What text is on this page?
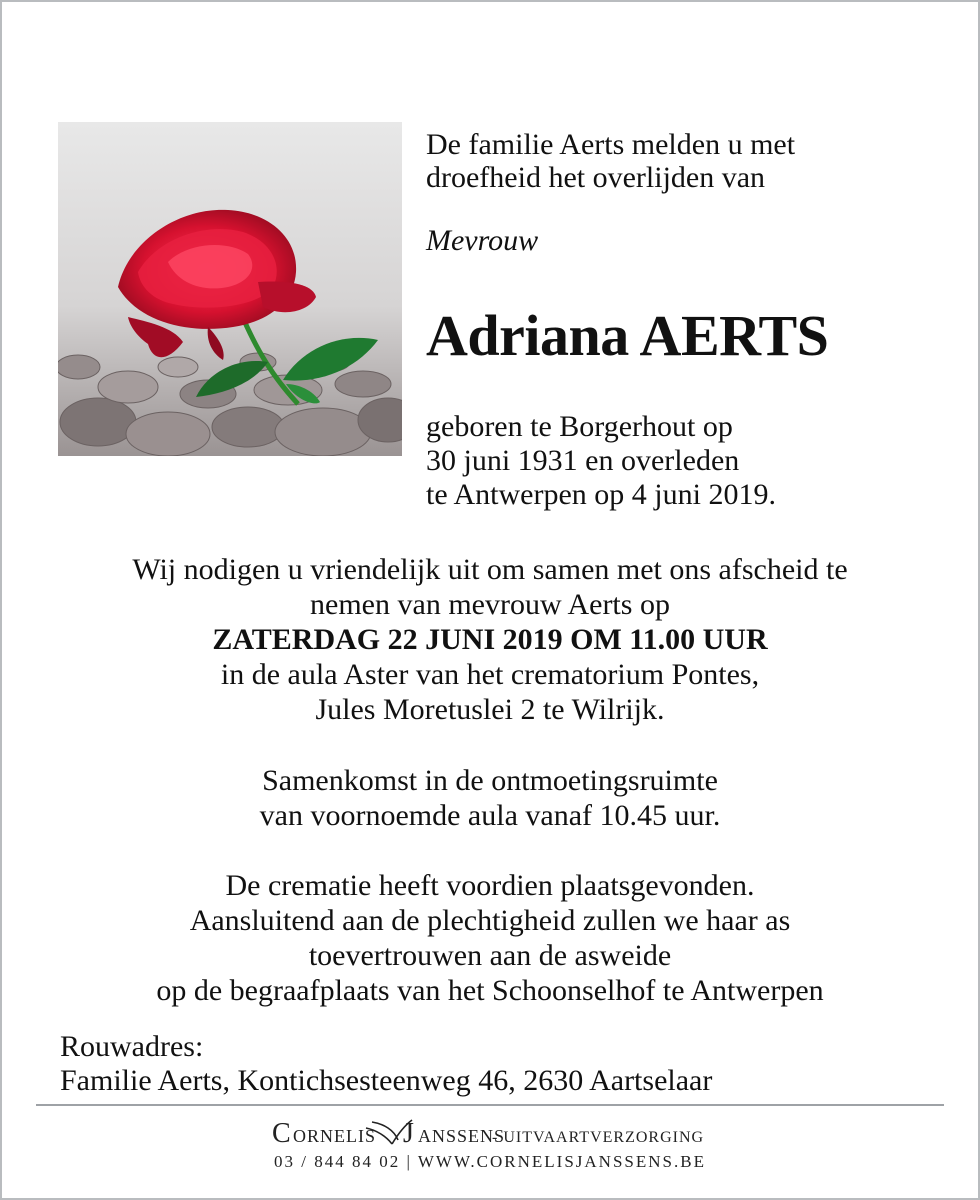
De familie Aerts melden u met
droefheid het overlijden van
Mevrouw
Adriana AERTS
geboren te Borgerhout op
30 juni 1931 en overleden
te Antwerpen op 4 juni 2019.
Wij nodigen u vriendelijk uit om samen met ons afscheid te
nemen van mevrouw Aerts op
ZATERDAG 22 JUNI 2019 OM 11.00 UUR
in de aula Aster van het crematorium Pontes,
Jules Moretuslei 2 te Wilrijk.
Samenkomst in de ontmoetingsruimte
van voornoemde aula vanaf 10.45 uur.
De crematie heeft voordien plaatsgevonden.
Aansluitend aan de plechtigheid zullen we haar as
toevertrouwen aan de asweide
op de begraafplaats van het Schoonselhof te Antwerpen
Rouwadres:
Familie Aerts, Kontichsesteenweg 46, 2630 Aartselaar
C ORNELIS J ANSSENS
- UITVAARTVERZORGING
03 / 844 84 02 | WWW.CORNELISJANSSENS.BE
